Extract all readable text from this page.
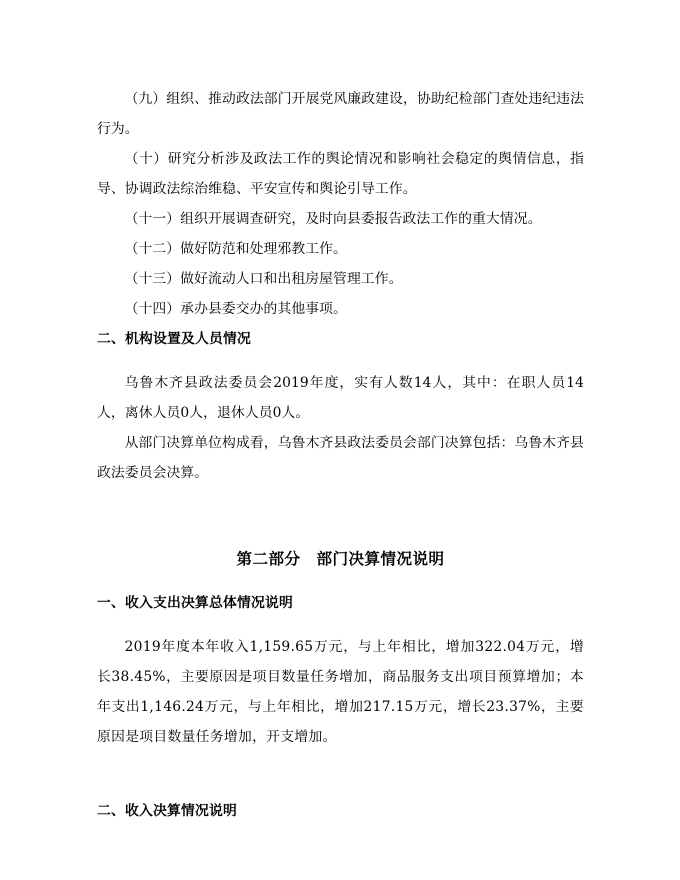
（九）组织、推动政法部门开展党风廉政建设，协助纪检部门查处违纪违法行为。

（十）研究分析涉及政法工作的舆论情况和影响社会稳定的舆情信息，指导、协调政法综治维稳、平安宣传和舆论引导工作。

（十一）组织开展调查研究，及时向县委报告政法工作的重大情况。

（十二）做好防范和处理邪教工作。

（十三）做好流动人口和出租房屋管理工作。

（十四）承办县委交办的其他事项。

二、机构设置及人员情况

乌鲁木齐县政法委员会2019年度，实有人数14人，其中：在职人员14人，离休人员0人，退休人员0人。

从部门决算单位构成看，乌鲁木齐县政法委员会部门决算包括：乌鲁木齐县政法委员会决算。

第二部分　部门决算情况说明

一、收入支出决算总体情况说明

2019年度本年收入1,159.65万元，与上年相比，增加322.04万元，增长38.45%，主要原因是项目数量任务增加，商品服务支出项目预算增加；本年支出1,146.24万元，与上年相比，增加217.15万元，增长23.37%，主要原因是项目数量任务增加，开支增加。

二、收入决算情况说明
